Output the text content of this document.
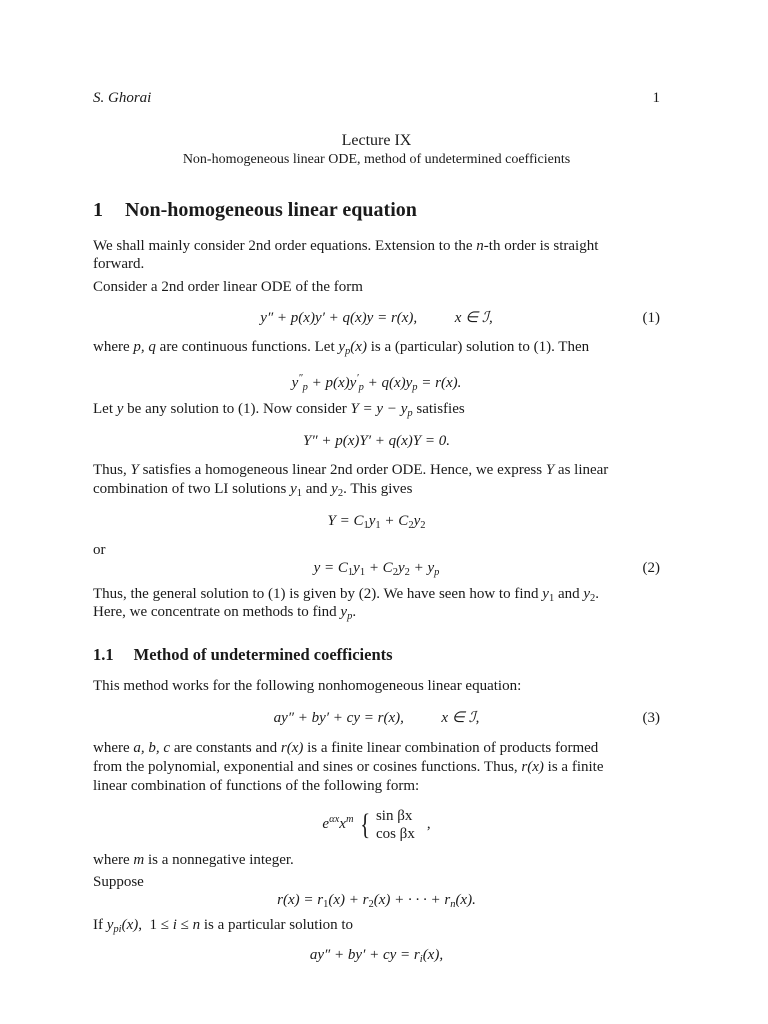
S. Ghorai	1
Lecture IX
Non-homogeneous linear ODE, method of undetermined coefficients
1 Non-homogeneous linear equation
We shall mainly consider 2nd order equations. Extension to the n-th order is straight
forward.
Consider a 2nd order linear ODE of the form
y″ + p(x)y′ + q(x)y = r(x),	x ∈ ℐ,	(1)
where p, q are continuous functions. Let $y_p(x)$ is a (particular) solution to (1). Then
$y''_p + p(x)y'_p + q(x)y_p = r(x)$.
Let y be any solution to (1). Now consider $Y = y - y_p$ satisfies
Y″ + p(x)Y′ + q(x)Y = 0.
Thus, Y satisfies a homogeneous linear 2nd order ODE. Hence, we express Y as linear
combination of two LI solutions $y_1$ and $y_2$. This gives
$Y = C_1y_1 + C_2y_2$
or
$y = C_1y_1 + C_2y_2 + y_p$	(2)
Thus, the general solution to (1) is given by (2). We have seen how to find $y_1$ and $y_2$.
Here, we concentrate on methods to find $y_p$.
1.1 Method of undetermined coefficients
This method works for the following nonhomogeneous linear equation:
ay″ + by′ + cy = r(x),	x ∈ ℐ,	(3)
where a, b, c are constants and r(x) is a finite linear combination of products formed
from the polynomial, exponential and sines or cosines functions. Thus, r(x) is a finite
linear combination of functions of the following form:
$e^{\alpha x}x^m$ { sin βx
cos βx,
where m is a nonnegative integer.
Suppose
$r(x) = r_1(x) + r_2(x)$ + · · · + $r_n(x)$.
If $y_{pi}(x)$,  1 ≤ i ≤ n is a particular solution to
ay″ + by′ + cy = $r_i(x)$,
